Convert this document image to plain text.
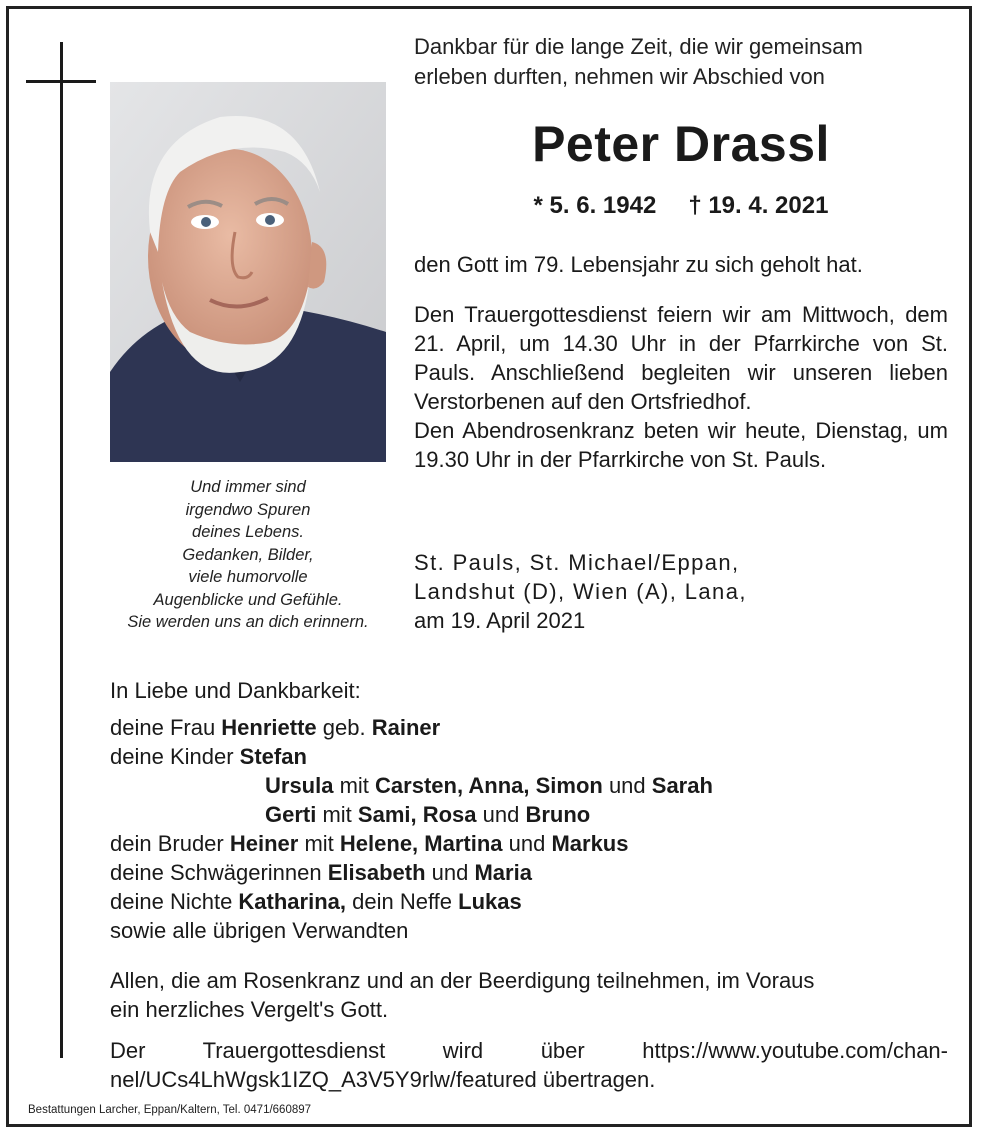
Und immer sind
irgendwo Spuren
deines Lebens.
Gedanken, Bilder,
viele humorvolle
Augenblicke und Gefühle.
Sie werden uns an dich erinnern.
Dankbar für die lange Zeit, die wir gemeinsam
erleben durften, nehmen wir Abschied von
Peter Drassl
* 5. 6. 1942 † 19. 4. 2021
den Gott im 79. Lebensjahr zu sich geholt hat.

Den Trauergottesdienst feiern wir am Mittwoch, dem 21. April, um 14.30 Uhr in der Pfarrkirche von St. Pauls. Anschließend begleiten wir unseren lieben Verstorbenen auf den Ortsfriedhof.

Den Abendrosenkranz beten wir heute, Dienstag, um 19.30 Uhr in der Pfarrkirche von St. Pauls.

St. Pauls, St. Michael/Eppan,
Landshut (D), Wien (A), Lana,
am 19. April 2021
In Liebe und Dankbarkeit:
deine Frau Henriette geb. Rainer
deine Kinder Stefan
Ursula mit Carsten, Anna, Simon und Sarah
Gerti mit Sami, Rosa und Bruno
dein Bruder Heiner mit Helene, Martina und Markus
deine Schwägerinnen Elisabeth und Maria
deine Nichte Katharina, dein Neffe Lukas
sowie alle übrigen Verwandten
Allen, die am Rosenkranz und an der Beerdigung teilnehmen, im Voraus
ein herzliches Vergelt's Gott.
Der Trauergottesdienst wird über https://www.youtube.com/chan-
nel/UCs4LhWgsk1IZQ_A3V5Y9rlw/featured übertragen.
Bestattungen Larcher, Eppan/Kaltern, Tel. 0471/660897
